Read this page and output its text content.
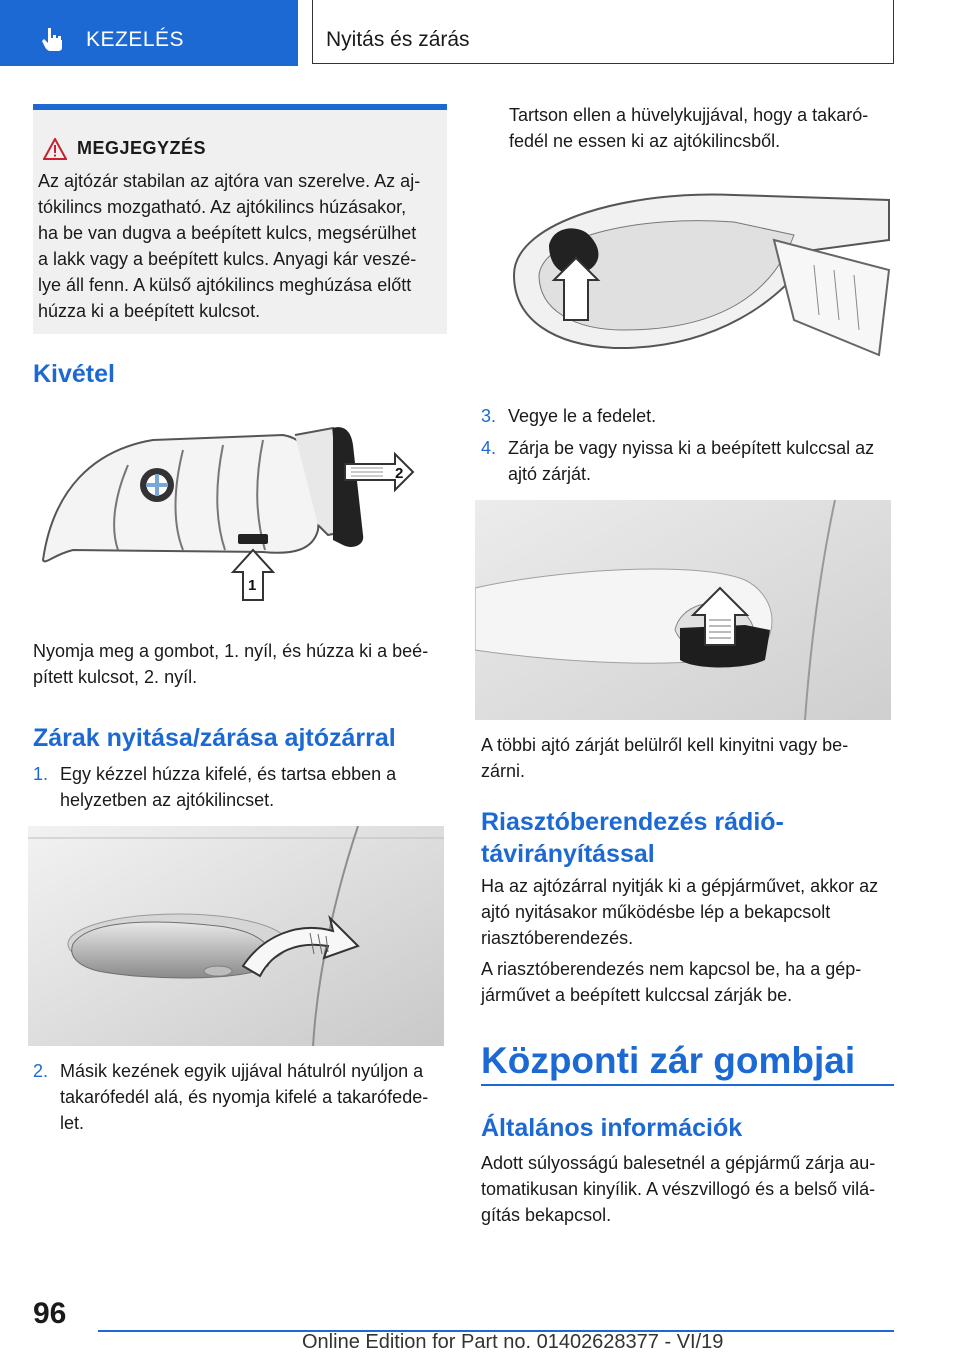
KEZELÉS	Nyitás és zárás
MEGJEGYZÉS
Az ajtózár stabilan az ajtóra van szerelve. Az aj-
tókilincs mozgatható. Az ajtókilincs húzásakor,
ha be van dugva a beépített kulcs, megsérülhet
a lakk vagy a beépített kulcs. Anyagi kár veszé-
lye áll fenn. A külső ajtókilincs meghúzása előtt
húzza ki a beépített kulcsot.
Kivétel
2
1
Nyomja meg a gombot, 1. nyíl, és húzza ki a beé-
pített kulcsot, 2. nyíl.
Zárak nyitása/zárása ajtózárral
1. Egy kézzel húzza kifelé, és tartsa ebben a
helyzetben az ajtókilincset.
2. Másik kezének egyik ujjával hátulról nyúljon a
takarófedél alá, és nyomja kifelé a takarófede-
let.
Tartson ellen a hüvelykujjával, hogy a takaró-
fedél ne essen ki az ajtókilincsből.
3. Vegye le a fedelet.
4. Zárja be vagy nyissa ki a beépített kulccsal az
ajtó zárját.
A többi ajtó zárját belülről kell kinyitni vagy be-
zárni.
Riasztóberendezés rádió-
távirányítással
Ha az ajtózárral nyitják ki a gépjárművet, akkor az
ajtó nyitásakor működésbe lép a bekapcsolt
riasztóberendezés.
A riasztóberendezés nem kapcsol be, ha a gép-
járművet a beépített kulccsal zárják be.
Központi zár gombjai
Általános információk
Adott súlyosságú balesetnél a gépjármű zárja au-
tomatikusan kinyílik. A vészvillogó és a belső vilá-
gítás bekapcsol.
96
Online Edition for Part no. 01402628377 - VI/19
